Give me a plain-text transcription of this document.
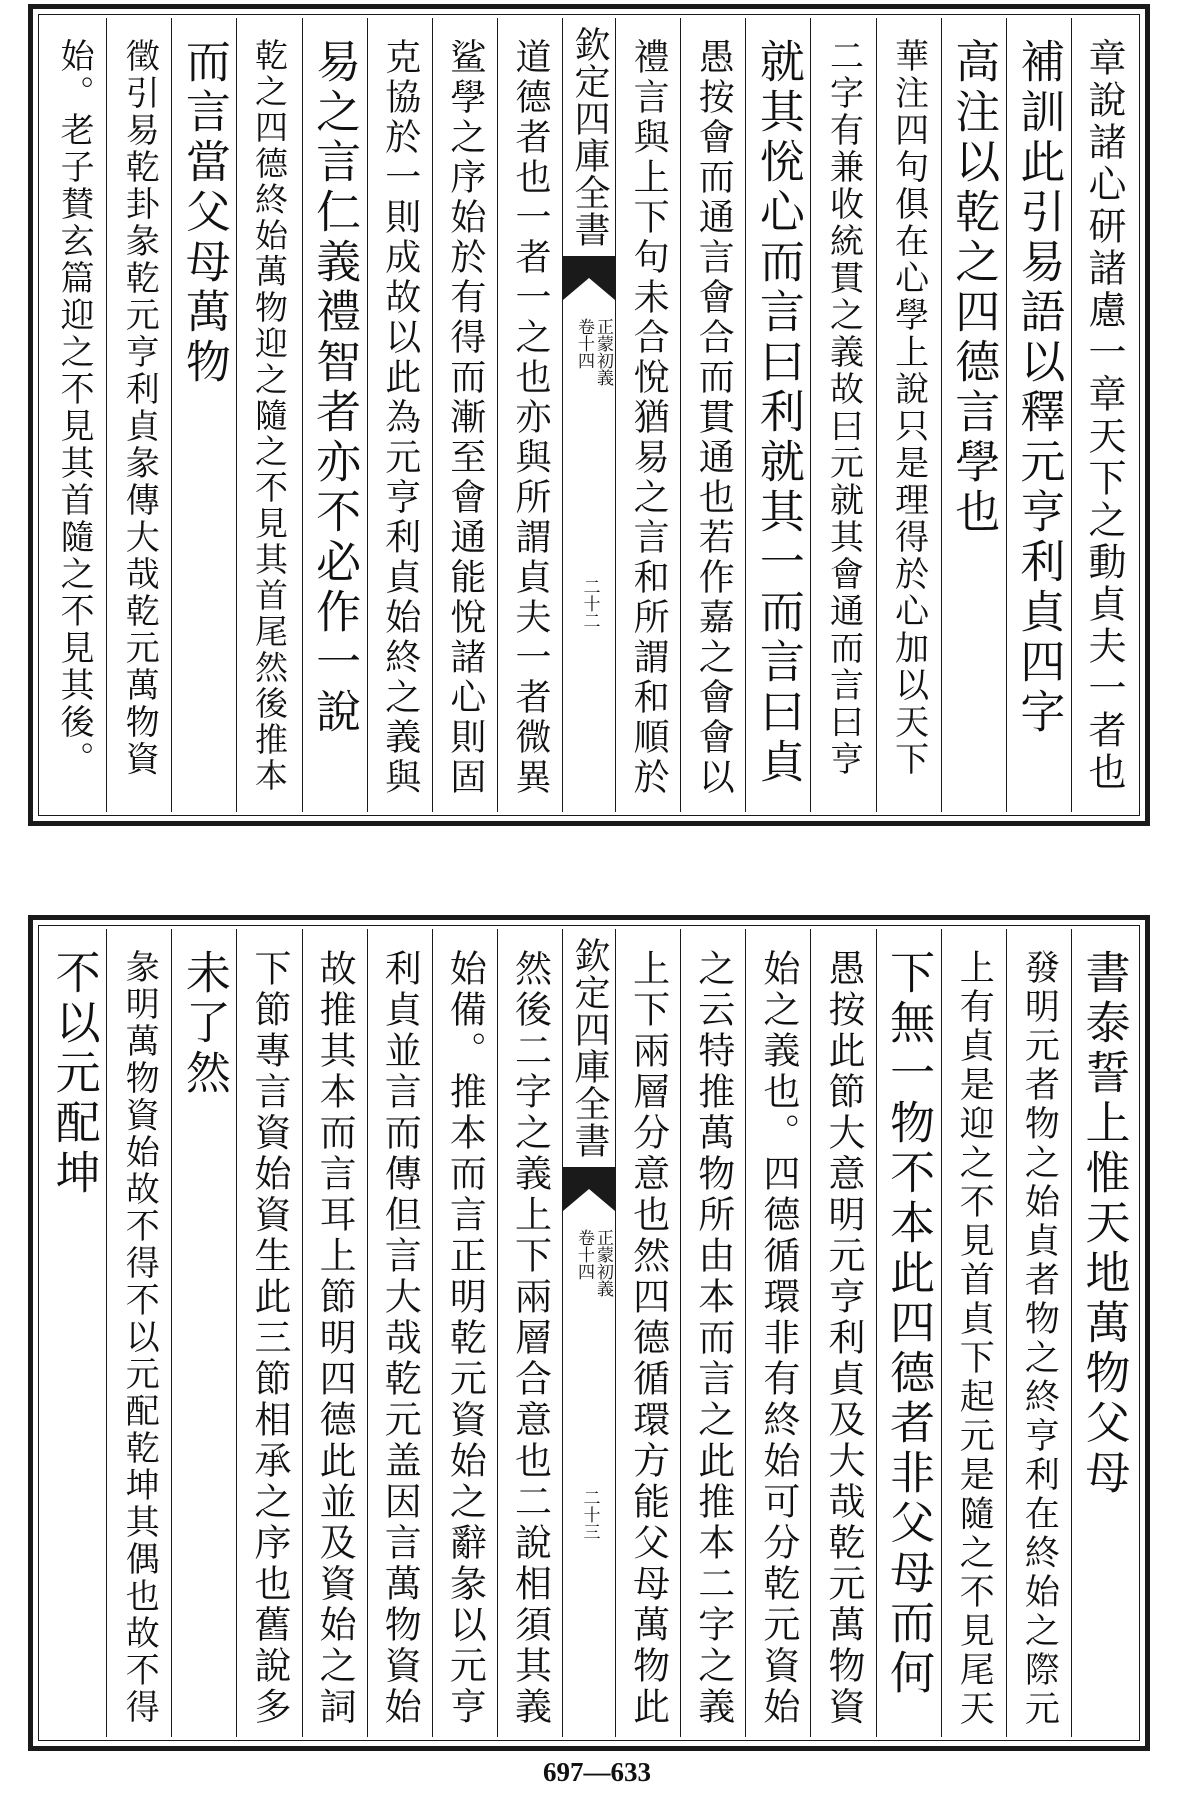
章說諸心研諸慮一章天下之動貞夫一者也
補訓此引易語以釋元亨利貞四字
高注以乾之四德言學也
華注四句俱在心學上說只是理得於心加以天下
二字有兼收統貫之義故曰元就其會通而言曰亨
就其恱心而言曰利就其一而言曰貞
愚按會而通言會合而貫通也若作嘉之會會以
禮言與上下句未合悅猶易之言和所謂和順於
欽定四庫全書
正蒙初義
卷十四
二十二
道德者也一者一之也亦與所謂貞夫一者微異
鲨學之序始於有得而漸至會通能悅諸心則固
克協於一則成故以此為元亨利貞始終之義與
易之言仁義禮智者亦不必作一說
乾之四德終始萬物迎之隨之不見其首尾然後推本
而言當父母萬物
徵引易乾卦彖乾元亨利貞彖傳大哉乾元萬物資
始。老子賛玄篇迎之不見其首隨之不見其後。
書泰誓上惟天地萬物父母
發明元者物之始貞者物之終亨利在終始之際元
上有貞是迎之不見首貞下起元是隨之不見尾天
下無一物不本此四德者非父母而何
愚按此節大意明元亨利貞及大哉乾元萬物資
始之義也。四德循環非有終始可分乾元資始
之云特推萬物所由本而言之此推本二字之義
上下兩層分意也然四德循環方能父母萬物此
欽定四庫全書
正蒙初義
卷十四
二十三
然後二字之義上下兩層合意也二說相須其義
始備。推本而言正明乾元資始之辭彖以元亨
利貞並言而傳但言大哉乾元盖因言萬物資始
故推其本而言耳上節明四德此並及資始之詞
下節專言資始資生此三節相承之序也舊說多
未了然
彖明萬物資始故不得不以元配乾坤其偶也故不得
不以元配坤
697—633
